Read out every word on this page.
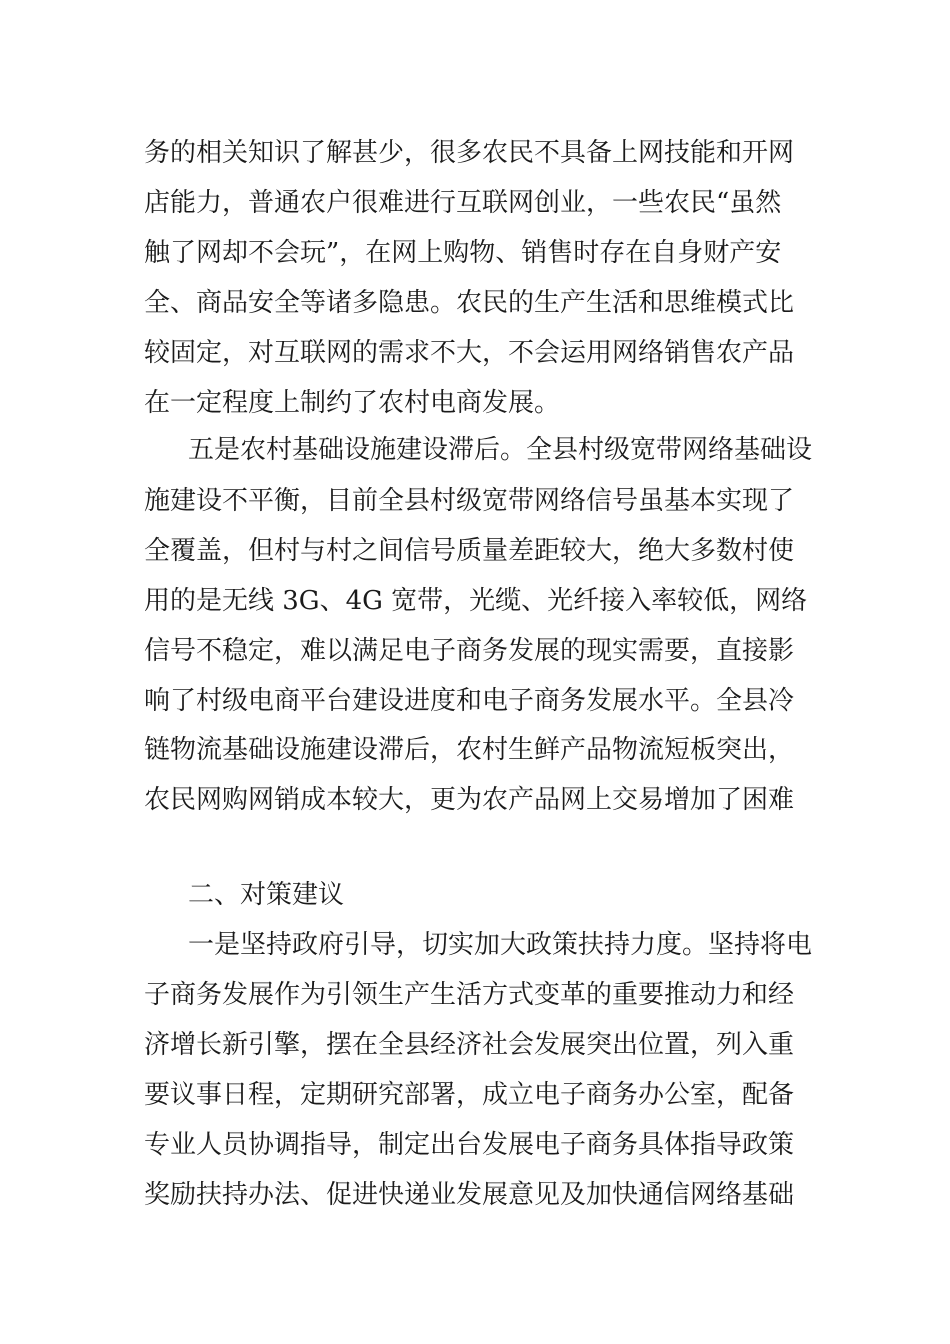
务的相关知识了解甚少，很多农民不具备上网技能和开网
店能力，普通农户很难进行互联网创业，一些农民“虽然
触了网却不会玩”，在网上购物、销售时存在自身财产安
全、商品安全等诸多隐患。农民的生产生活和思维模式比
较固定，对互联网的需求不大，不会运用网络销售农产品
在一定程度上制约了农村电商发展。
五是农村基础设施建设滞后。全县村级宽带网络基础设
施建设不平衡，目前全县村级宽带网络信号虽基本实现了
全覆盖，但村与村之间信号质量差距较大，绝大多数村使
用的是无线 3G、4G 宽带，光缆、光纤接入率较低，网络
信号不稳定，难以满足电子商务发展的现实需要，直接影
响了村级电商平台建设进度和电子商务发展水平。全县冷
链物流基础设施建设滞后，农村生鲜产品物流短板突出，
农民网购网销成本较大，更为农产品网上交易增加了困难
二、对策建议
一是坚持政府引导，切实加大政策扶持力度。坚持将电
子商务发展作为引领生产生活方式变革的重要推动力和经
济增长新引擎，摆在全县经济社会发展突出位置，列入重
要议事日程，定期研究部署，成立电子商务办公室，配备
专业人员协调指导，制定出台发展电子商务具体指导政策
奖励扶持办法、促进快递业发展意见及加快通信网络基础
